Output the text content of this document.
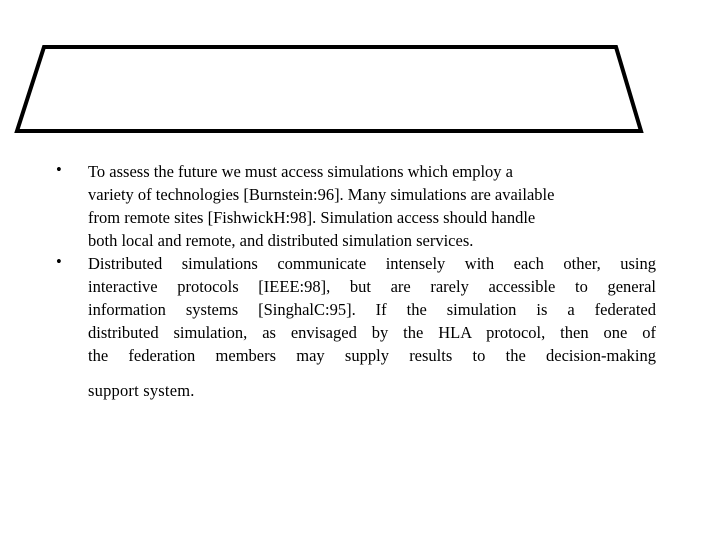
• To assess the future we must access simulations which employ a
variety of technologies [Burnstein:96]. Many simulations are available
from remote sites [FishwickH:98]. Simulation access should handle
both local and remote, and distributed simulation services.
• Distributed simulations communicate intensely with each other, using
interactive protocols [IEEE:98], but are rarely accessible to general
information systems [SinghalC:95]. If the simulation is a federated
distributed simulation, as envisaged by the HLA protocol, then one of
the federation members may supply results to the decision-making
support system.
